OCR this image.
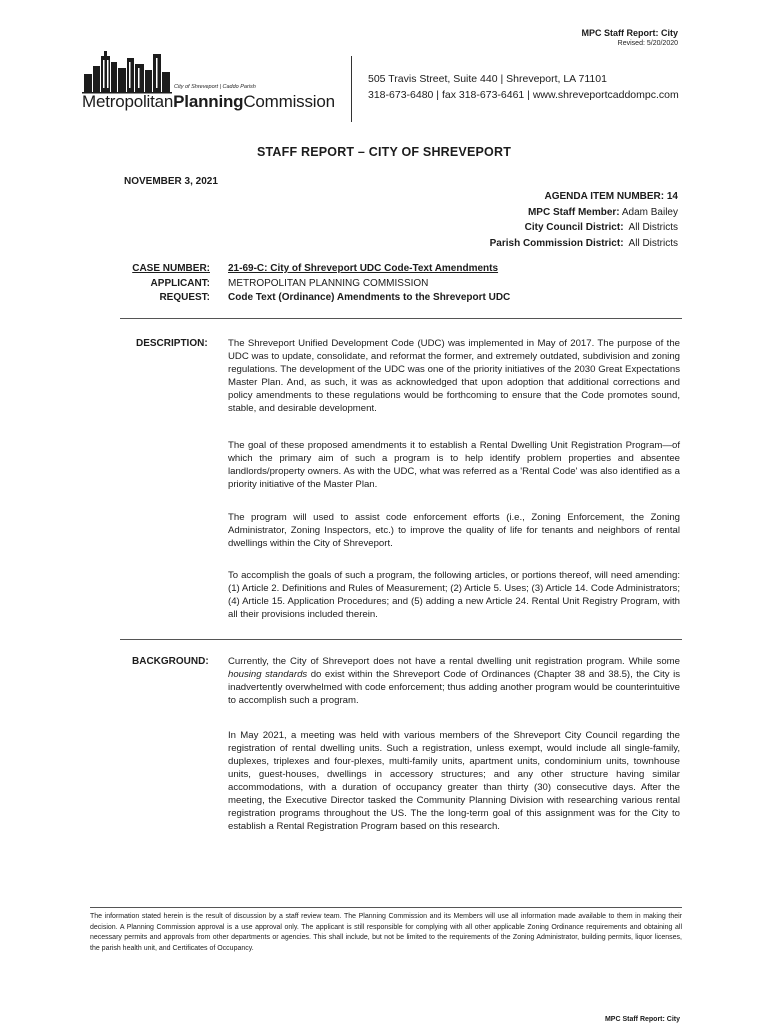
MPC Staff Report: City
Revised: 5/20/2020
City of Shreveport | Caddo Parish
MetropolitanPlanningCommission
505 Travis Street, Suite 440 | Shreveport, LA 71101
318-673-6480 | fax 318-673-6461 | www.shreveportcaddompc.com
STAFF REPORT – CITY OF SHREVEPORT
NOVEMBER 3, 2021
AGENDA ITEM NUMBER: 14
MPC Staff Member: Adam Bailey
City Council District: All Districts
Parish Commission District: All Districts
CASE NUMBER: 21-69-C: City of Shreveport UDC Code-Text Amendments
APPLICANT: METROPOLITAN PLANNING COMMISSION
REQUEST: Code Text (Ordinance) Amendments to the Shreveport UDC
DESCRIPTION: The Shreveport Unified Development Code (UDC) was implemented in May of 2017. The purpose of the UDC was to update, consolidate, and reformat the former, and extremely outdated, subdivision and zoning regulations. The development of the UDC was one of the priority initiatives of the 2030 Great Expectations Master Plan. And, as such, it was as acknowledged that upon adoption that additional corrections and policy amendments to these regulations would be forthcoming to ensure that the Code promotes sound, stable, and desirable development.

The goal of these proposed amendments it to establish a Rental Dwelling Unit Registration Program—of which the primary aim of such a program is to help identify problem properties and absentee landlords/property owners. As with the UDC, what was referred as a 'Rental Code' was also identified as a priority initiative of the Master Plan.

The program will used to assist code enforcement efforts (i.e., Zoning Enforcement, the Zoning Administrator, Zoning Inspectors, etc.) to improve the quality of life for tenants and neighbors of rental dwellings within the City of Shreveport.

To accomplish the goals of such a program, the following articles, or portions thereof, will need amending: (1) Article 2. Definitions and Rules of Measurement; (2) Article 5. Uses; (3) Article 14. Code Administrators; (4) Article 15. Application Procedures; and (5) adding a new Article 24. Rental Unit Registry Program, with all their provisions included therein.

BACKGROUND: Currently, the City of Shreveport does not have a rental dwelling unit registration program. While some housing standards do exist within the Shreveport Code of Ordinances (Chapter 38 and 38.5), the City is inadvertently overwhelmed with code enforcement; thus adding another program would be counterintuitive to accomplish such a program.

In May 2021, a meeting was held with various members of the Shreveport City Council regarding the registration of rental dwelling units. Such a registration, unless exempt, would include all single-family, duplexes, triplexes and four-plexes, multi-family units, apartment units, condominium units, townhouse units, guest-houses, dwellings in accessory structures; and any other structure having similar accommodations, with a duration of occupancy greater than thirty (30) consecutive days. After the meeting, the Executive Director tasked the Community Planning Division with researching various rental registration programs throughout the US. The the long-term goal of this assignment was for the City to establish a Rental Registration Program based on this research.

The information stated herein is the result of discussion by a staff review team. The Planning Commission and its Members will use all information made available to them in making their decision. A Planning Commission approval is a use approval only. The applicant is still responsible for complying with all other applicable Zoning Ordinance requirements and obtaining all necessary permits and approvals from other departments or agencies. This shall include, but not be limited to the requirements of the Zoning Administrator, building permits, liquor licenses, the parish health unit, and Certificates of Occupancy.

MPC Staff Report: City
